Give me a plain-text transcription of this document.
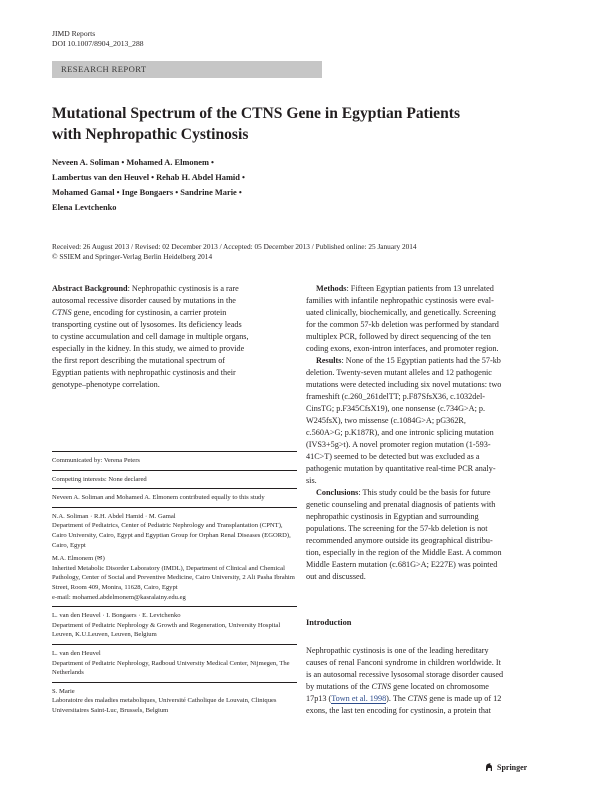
JIMD Reports
DOI 10.1007/8904_2013_288
RESEARCH REPORT
Mutational Spectrum of the CTNS Gene in Egyptian Patients
with Nephropathic Cystinosis
Neveen A. Soliman • Mohamed A. Elmonem •
Lambertus van den Heuvel • Rehab H. Abdel Hamid •
Mohamed Gamal • Inge Bongaers • Sandrine Marie •
Elena Levtchenko
Received: 26 August 2013 / Revised: 02 December 2013 / Accepted: 05 December 2013 / Published online: 25 January 2014
© SSIEM and Springer-Verlag Berlin Heidelberg 2014
Abstract Background: Nephropathic cystinosis is a rare
autosomal recessive disorder caused by mutations in the
CTNS gene, encoding for cystinosin, a carrier protein
transporting cystine out of lysosomes. Its deficiency leads
to cystine accumulation and cell damage in multiple organs,
especially in the kidney. In this study, we aimed to provide
the first report describing the mutational spectrum of
Egyptian patients with nephropathic cystinosis and their
genotype–phenotype correlation.
Communicated by: Verena Peters
Competing interests: None declared
Neveen A. Soliman and Mohamed A. Elmonem contributed equally to this study
N.A. Soliman · R.H. Abdel Hamid · M. Gamal
Department of Pediatrics, Center of Pediatric Nephrology and Transplantation (CPNT), Cairo University, Cairo, Egypt and Egyptian Group for Orphan Renal Diseases (EGORD), Cairo, Egypt
M.A. Elmonem (✉)
Inherited Metabolic Disorder Laboratory (IMDL), Department of Clinical and Chemical Pathology, Center of Social and Preventive Medicine, Cairo University, 2 Ali Pasha Ibrahim Street, Room 409, Monira, 11628, Cairo, Egypt
e-mail: mohamed.abdelmonem@kasralainy.edu.eg
L. van den Heuvel · I. Bongaers · E. Levtchenko
Department of Pediatric Nephrology & Growth and Regeneration, University Hospital Leuven, K.U.Leuven, Leuven, Belgium
L. van den Heuvel
Department of Pediatric Nephrology, Radboud University Medical Center, Nijmegen, The Netherlands
S. Marie
Laboratoire des maladies metaboliques, Université Catholique de Louvain, Cliniques Universitaires Saint-Luc, Brussels, Belgium
Methods: Fifteen Egyptian patients from 13 unrelated
families with infantile nephropathic cystinosis were eval-
uated clinically, biochemically, and genetically. Screening
for the common 57-kb deletion was performed by standard
multiplex PCR, followed by direct sequencing of the ten
coding exons, exon-intron interfaces, and promoter region.
Results: None of the 15 Egyptian patients had the 57-kb
deletion. Twenty-seven mutant alleles and 12 pathogenic
mutations were detected including six novel mutations: two
frameshift (c.260_261delTT; p.F87SfsX36, c.1032del-
CinsTG; p.F345CfsX19), one nonsense (c.734G>A; p.
W245fsX), two missense (c.1084G>A; pG362R,
c.560A>G; p.K187R), and one intronic splicing mutation
(IVS3+5g>t). A novel promoter region mutation (1-593-
41C>T) seemed to be detected but was excluded as a
pathogenic mutation by quantitative real-time PCR analy-
sis.
Conclusions: This study could be the basis for future
genetic counseling and prenatal diagnosis of patients with
nephropathic cystinosis in Egyptian and surrounding
populations. The screening for the 57-kb deletion is not
recommended anymore outside its geographical distribu-
tion, especially in the region of the Middle East. A common
Middle Eastern mutation (c.681G>A; E227E) was pointed
out and discussed.
Introduction
Nephropathic cystinosis is one of the leading hereditary
causes of renal Fanconi syndrome in children worldwide. It
is an autosomal recessive lysosomal storage disorder caused
by mutations of the CTNS gene located on chromosome
17p13 (Town et al. 1998). The CTNS gene is made up of 12
exons, the last ten encoding for cystinosin, a protein that
Springer
